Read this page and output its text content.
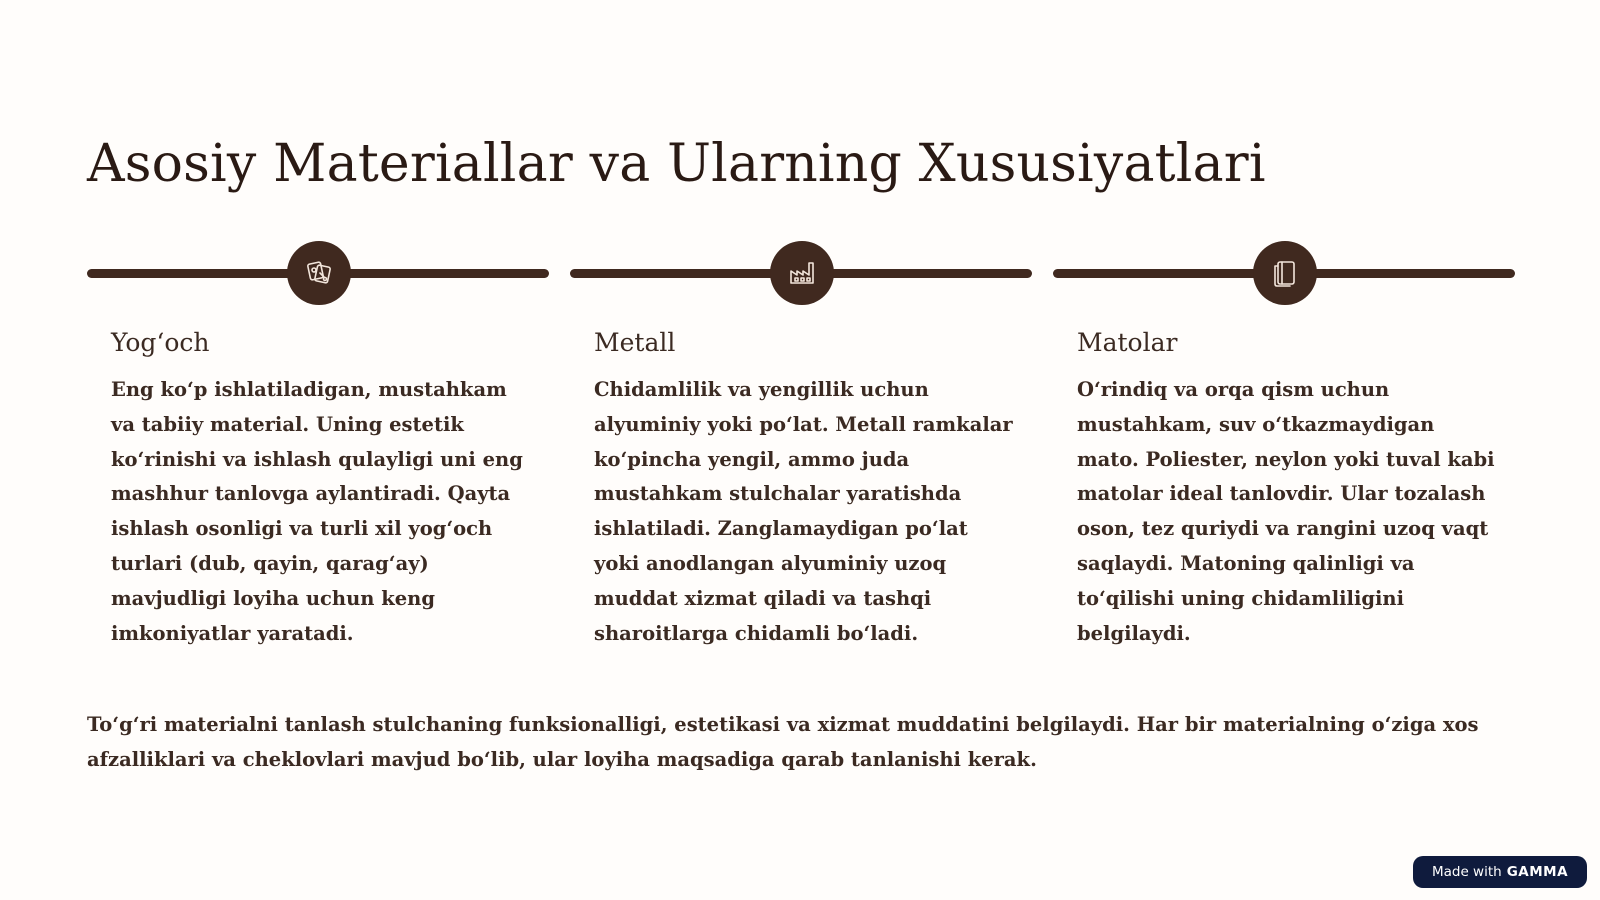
Asosiy Materiallar va Ularning Xususiyatlari
Yog‘och

Eng ko‘p ishlatiladigan, mustahkam va tabiiy material. Uning estetik ko‘rinishi va ishlash qulayligi uni eng mashhur tanlovga aylantiradi. Qayta ishlash osonligi va turli xil yog‘och turlari (dub, qayin, qarag‘ay) mavjudligi loyiha uchun keng imkoniyatlar yaratadi.

Metall

Chidamlilik va yengillik uchun alyuminiy yoki po‘lat. Metall ramkalar ko‘pincha yengil, ammo juda mustahkam stulchalar yaratishda ishlatiladi. Zanglamaydigan po‘lat yoki anodlangan alyuminiy uzoq muddat xizmat qiladi va tashqi sharoitlarga chidamli bo‘ladi.

Matolar

O‘rindiq va orqa qism uchun mustahkam, suv o‘tkazmaydigan mato. Poliester, neylon yoki tuval kabi matolar ideal tanlovdir. Ular tozalash oson, tez quriydi va rangini uzoq vaqt saqlaydi. Matoning qalinligi va to‘qilishi uning chidamliligini belgilaydi.

To‘g‘ri materialni tanlash stulchaning funksionalligi, estetikasi va xizmat muddatini belgilaydi. Har bir materialning o‘ziga xos afzalliklari va cheklovlari mavjud bo‘lib, ular loyiha maqsadiga qarab tanlanishi kerak.

Made with GAMMA
